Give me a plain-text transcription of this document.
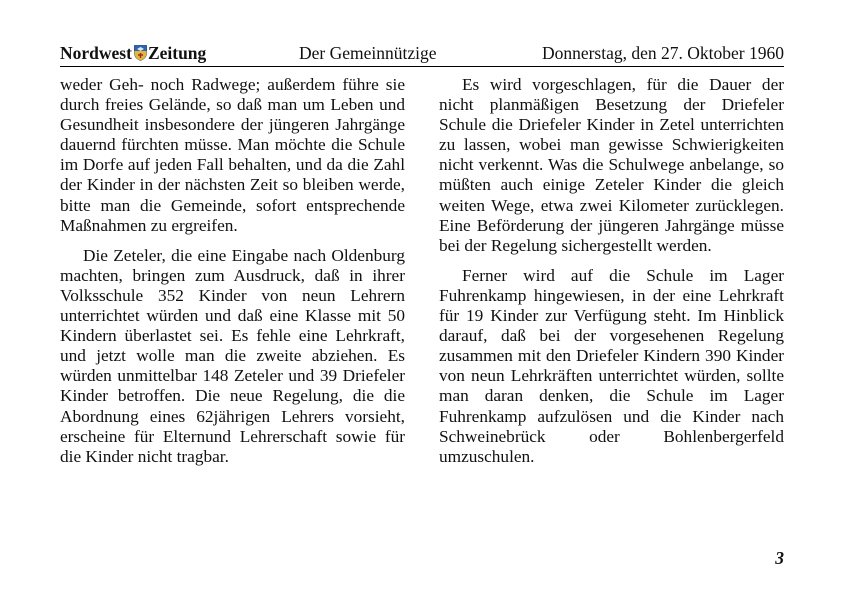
Nordwest Zeitung	Der Gemeinnützige	Donnerstag, den 27. Oktober 1960

weder Geh- noch Radwege; außerdem führe sie durch freies Gelände, so daß man um Leben und Gesundheit insbesondere der jüngeren Jahrgänge dauernd fürchten müsse. Man möchte die Schule im Dorfe auf jeden Fall behalten, und da die Zahl der Kinder in der nächsten Zeit so bleiben werde, bitte man die Gemeinde, sofort entsprechende Maßnahmen zu ergreifen.

Die Zeteler, die eine Eingabe nach Oldenburg machten, bringen zum Ausdruck, daß in ihrer Volksschule 352 Kinder von neun Lehrern unterrichtet würden und daß eine Klasse mit 50 Kindern überlastet sei. Es fehle eine Lehrkraft, und jetzt wolle man die zweite abziehen. Es würden unmittelbar 148 Zeteler und 39 Driefeler Kinder betroffen. Die neue Regelung, die die Abordnung eines 62jährigen Lehrers vorsieht, erscheine für Elternund Lehrerschaft sowie für die Kinder nicht tragbar.

Es wird vorgeschlagen, für die Dauer der nicht planmäßigen Besetzung der Driefeler Schule die Driefeler Kinder in Zetel unterrichten zu lassen, wobei man gewisse Schwierigkeiten nicht verkennt. Was die Schulwege anbelange, so müßten auch einige Zeteler Kinder die gleich weiten Wege, etwa zwei Kilometer zurücklegen. Eine Beförderung der jüngeren Jahrgänge müsse bei der Regelung sichergestellt werden.

Ferner wird auf die Schule im Lager Fuhrenkamp hingewiesen, in der eine Lehrkraft für 19 Kinder zur Verfügung steht. Im Hinblick darauf, daß bei der vorgesehenen Regelung zusammen mit den Driefeler Kindern 390 Kinder von neun Lehrkräften unterrichtet würden, sollte man daran denken, die Schule im Lager Fuhrenkamp aufzulösen und die Kinder nach Schweinebrück oder Bohlenbergerfeld umzuschulen.

3
